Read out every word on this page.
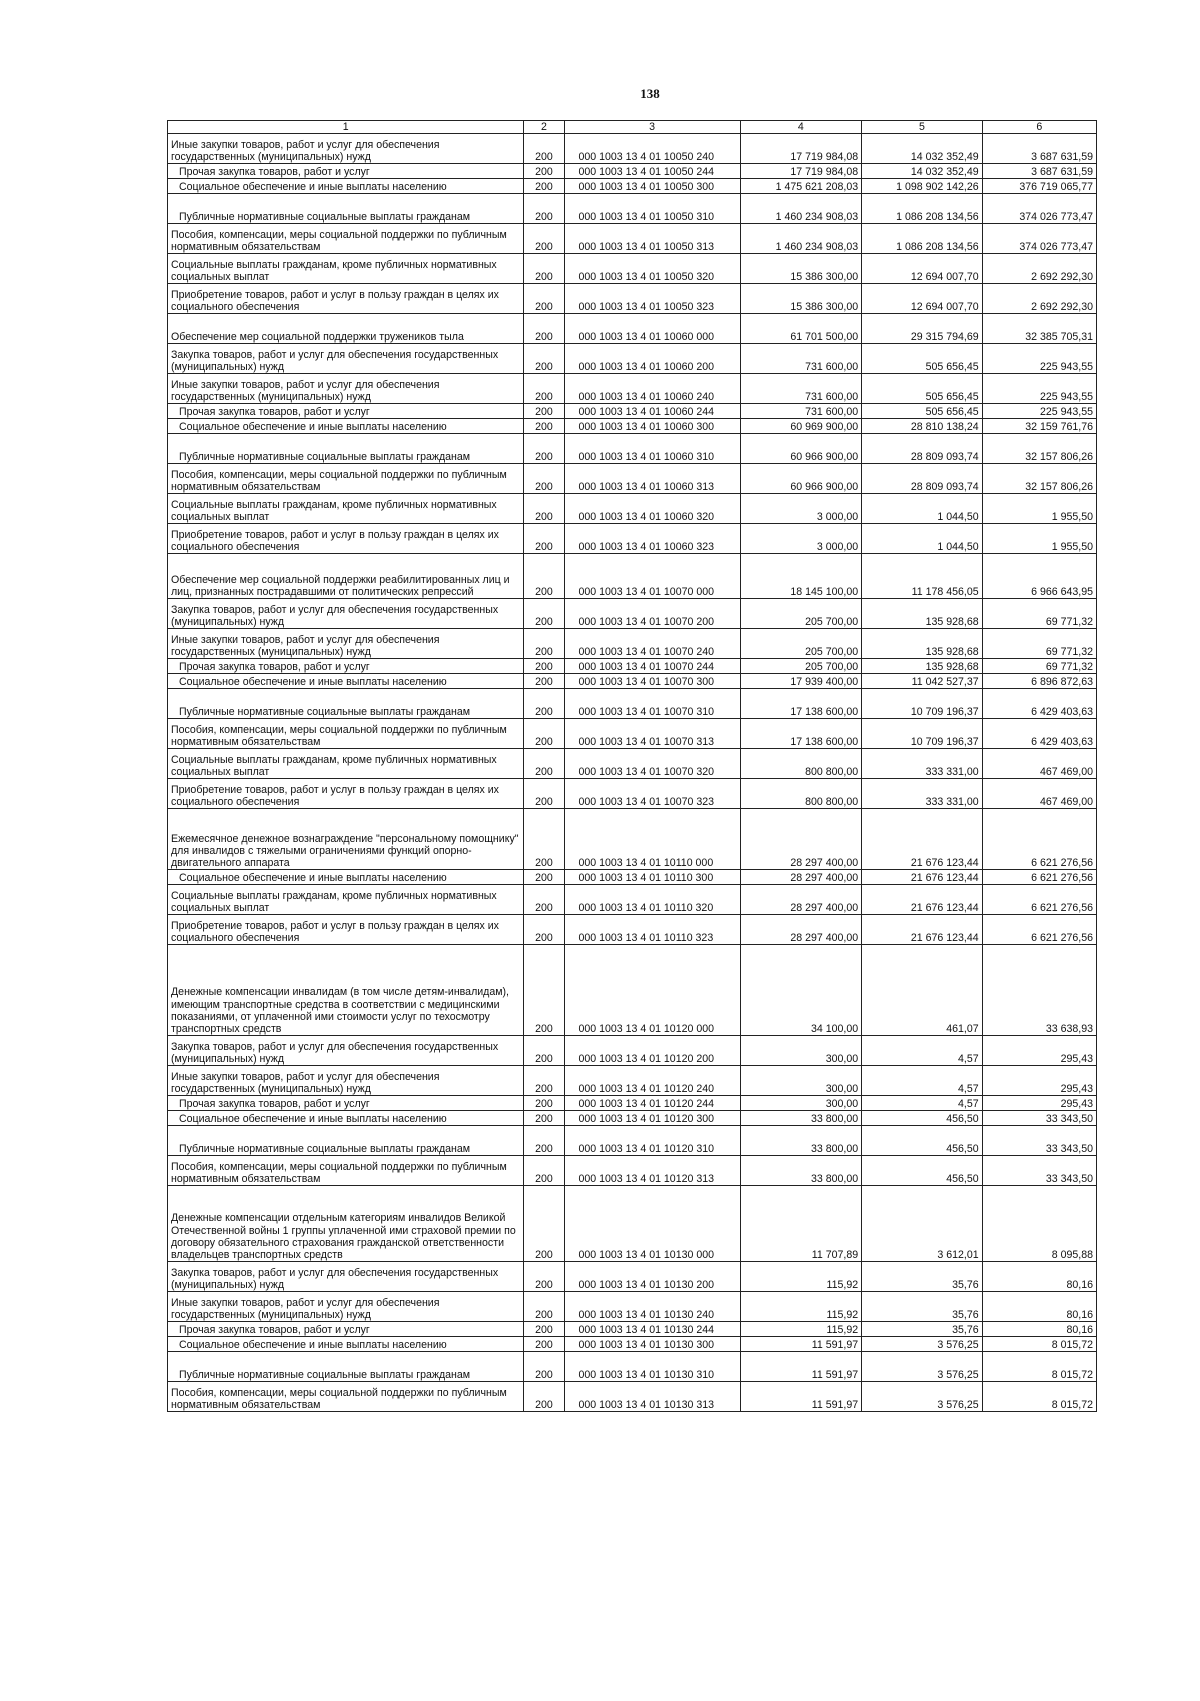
138
1	2	3	4	5	6
Иные закупки товаров, работ и услуг для обеспечения государственных (муниципальных) нужд	200	000 1003 13 4 01 10050 240	17 719 984,08	14 032 352,49	3 687 631,59
Прочая закупка товаров, работ и услуг	200	000 1003 13 4 01 10050 244	17 719 984,08	14 032 352,49	3 687 631,59
Социальное обеспечение и иные выплаты населению	200	000 1003 13 4 01 10050 300	1 475 621 208,03	1 098 902 142,26	376 719 065,77
Публичные нормативные социальные выплаты гражданам	200	000 1003 13 4 01 10050 310	1 460 234 908,03	1 086 208 134,56	374 026 773,47
Пособия, компенсации, меры социальной поддержки по публичным нормативным обязательствам	200	000 1003 13 4 01 10050 313	1 460 234 908,03	1 086 208 134,56	374 026 773,47
Социальные выплаты гражданам, кроме публичных нормативных социальных выплат	200	000 1003 13 4 01 10050 320	15 386 300,00	12 694 007,70	2 692 292,30
Приобретение товаров, работ и услуг в пользу граждан в целях их социального обеспечения	200	000 1003 13 4 01 10050 323	15 386 300,00	12 694 007,70	2 692 292,30
Обеспечение мер социальной поддержки тружеников тыла	200	000 1003 13 4 01 10060 000	61 701 500,00	29 315 794,69	32 385 705,31
Закупка товаров, работ и услуг для обеспечения государственных (муниципальных) нужд	200	000 1003 13 4 01 10060 200	731 600,00	505 656,45	225 943,55
Иные закупки товаров, работ и услуг для обеспечения государственных (муниципальных) нужд	200	000 1003 13 4 01 10060 240	731 600,00	505 656,45	225 943,55
Прочая закупка товаров, работ и услуг	200	000 1003 13 4 01 10060 244	731 600,00	505 656,45	225 943,55
Социальное обеспечение и иные выплаты населению	200	000 1003 13 4 01 10060 300	60 969 900,00	28 810 138,24	32 159 761,76
Публичные нормативные социальные выплаты гражданам	200	000 1003 13 4 01 10060 310	60 966 900,00	28 809 093,74	32 157 806,26
Пособия, компенсации, меры социальной поддержки по публичным нормативным обязательствам	200	000 1003 13 4 01 10060 313	60 966 900,00	28 809 093,74	32 157 806,26
Социальные выплаты гражданам, кроме публичных нормативных социальных выплат	200	000 1003 13 4 01 10060 320	3 000,00	1 044,50	1 955,50
Приобретение товаров, работ и услуг в пользу граждан в целях их социального обеспечения	200	000 1003 13 4 01 10060 323	3 000,00	1 044,50	1 955,50
Обеспечение мер социальной поддержки реабилитированных лиц и лиц, признанных пострадавшими от политических репрессий	200	000 1003 13 4 01 10070 000	18 145 100,00	11 178 456,05	6 966 643,95
Закупка товаров, работ и услуг для обеспечения государственных (муниципальных) нужд	200	000 1003 13 4 01 10070 200	205 700,00	135 928,68	69 771,32
Иные закупки товаров, работ и услуг для обеспечения государственных (муниципальных) нужд	200	000 1003 13 4 01 10070 240	205 700,00	135 928,68	69 771,32
Прочая закупка товаров, работ и услуг	200	000 1003 13 4 01 10070 244	205 700,00	135 928,68	69 771,32
Социальное обеспечение и иные выплаты населению	200	000 1003 13 4 01 10070 300	17 939 400,00	11 042 527,37	6 896 872,63
Публичные нормативные социальные выплаты гражданам	200	000 1003 13 4 01 10070 310	17 138 600,00	10 709 196,37	6 429 403,63
Пособия, компенсации, меры социальной поддержки по публичным нормативным обязательствам	200	000 1003 13 4 01 10070 313	17 138 600,00	10 709 196,37	6 429 403,63
Социальные выплаты гражданам, кроме публичных нормативных социальных выплат	200	000 1003 13 4 01 10070 320	800 800,00	333 331,00	467 469,00
Приобретение товаров, работ и услуг в пользу граждан в целях их социального обеспечения	200	000 1003 13 4 01 10070 323	800 800,00	333 331,00	467 469,00
Ежемесячное денежное вознаграждение "персональному помощнику" для инвалидов с тяжелыми ограничениями функций опорно-двигательного аппарата	200	000 1003 13 4 01 10110 000	28 297 400,00	21 676 123,44	6 621 276,56
Социальное обеспечение и иные выплаты населению	200	000 1003 13 4 01 10110 300	28 297 400,00	21 676 123,44	6 621 276,56
Социальные выплаты гражданам, кроме публичных нормативных социальных выплат	200	000 1003 13 4 01 10110 320	28 297 400,00	21 676 123,44	6 621 276,56
Приобретение товаров, работ и услуг в пользу граждан в целях их социального обеспечения	200	000 1003 13 4 01 10110 323	28 297 400,00	21 676 123,44	6 621 276,56
Денежные компенсации инвалидам (в том числе детям-инвалидам), имеющим транспортные средства в соответствии с медицинскими показаниями, от уплаченной ими стоимости услуг по техосмотру транспортных средств	200	000 1003 13 4 01 10120 000	34 100,00	461,07	33 638,93
Закупка товаров, работ и услуг для обеспечения государственных (муниципальных) нужд	200	000 1003 13 4 01 10120 200	300,00	4,57	295,43
Иные закупки товаров, работ и услуг для обеспечения государственных (муниципальных) нужд	200	000 1003 13 4 01 10120 240	300,00	4,57	295,43
Прочая закупка товаров, работ и услуг	200	000 1003 13 4 01 10120 244	300,00	4,57	295,43
Социальное обеспечение и иные выплаты населению	200	000 1003 13 4 01 10120 300	33 800,00	456,50	33 343,50
Публичные нормативные социальные выплаты гражданам	200	000 1003 13 4 01 10120 310	33 800,00	456,50	33 343,50
Пособия, компенсации, меры социальной поддержки по публичным нормативным обязательствам	200	000 1003 13 4 01 10120 313	33 800,00	456,50	33 343,50
Денежные компенсации отдельным категориям инвалидов Великой Отечественной войны 1 группы уплаченной ими страховой премии по договору обязательного страхования гражданской ответственности владельцев транспортных средств	200	000 1003 13 4 01 10130 000	11 707,89	3 612,01	8 095,88
Закупка товаров, работ и услуг для обеспечения государственных (муниципальных) нужд	200	000 1003 13 4 01 10130 200	115,92	35,76	80,16
Иные закупки товаров, работ и услуг для обеспечения государственных (муниципальных) нужд	200	000 1003 13 4 01 10130 240	115,92	35,76	80,16
Прочая закупка товаров, работ и услуг	200	000 1003 13 4 01 10130 244	115,92	35,76	80,16
Социальное обеспечение и иные выплаты населению	200	000 1003 13 4 01 10130 300	11 591,97	3 576,25	8 015,72
Публичные нормативные социальные выплаты гражданам	200	000 1003 13 4 01 10130 310	11 591,97	3 576,25	8 015,72
Пособия, компенсации, меры социальной поддержки по публичным нормативным обязательствам	200	000 1003 13 4 01 10130 313	11 591,97	3 576,25	8 015,72
